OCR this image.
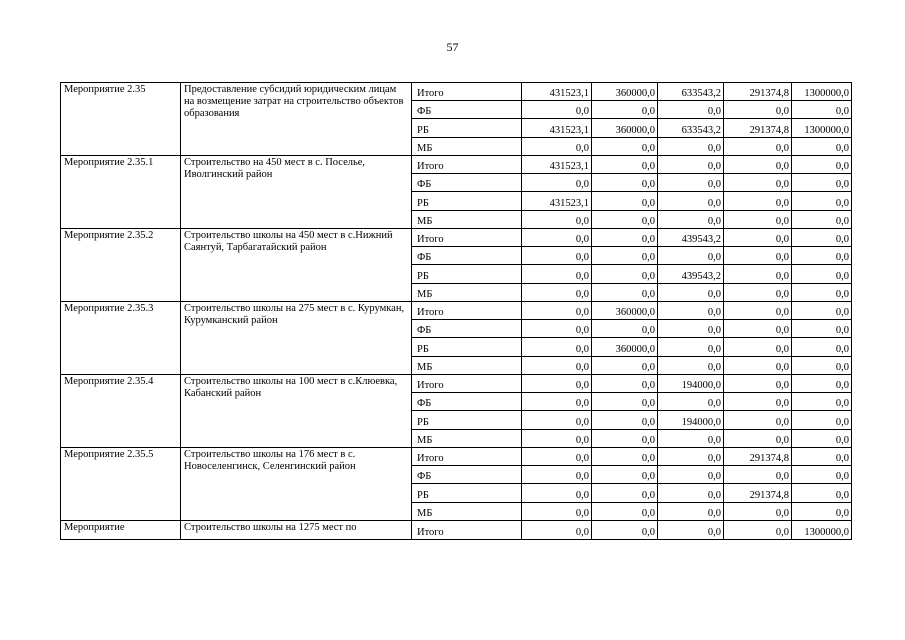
57
Мероприятие 2.35	Предоставление субсидий юридическим лицам на возмещение затрат на строительство объектов образования	Итого	431523,1	360000,0	633543,2	291374,8	1300000,0
		ФБ	0,0	0,0	0,0	0,0	0,0
		РБ	431523,1	360000,0	633543,2	291374,8	1300000,0
		МБ	0,0	0,0	0,0	0,0	0,0
Мероприятие 2.35.1	Строительство на 450 мест в с. Поселье, Иволгинский район	Итого	431523,1	0,0	0,0	0,0	0,0
		ФБ	0,0	0,0	0,0	0,0	0,0
		РБ	431523,1	0,0	0,0	0,0	0,0
		МБ	0,0	0,0	0,0	0,0	0,0
Мероприятие 2.35.2	Строительство школы на 450 мест в с.Нижний Саянтуй, Тарбагатайский район	Итого	0,0	0,0	439543,2	0,0	0,0
		ФБ	0,0	0,0	0,0	0,0	0,0
		РБ	0,0	0,0	439543,2	0,0	0,0
		МБ	0,0	0,0	0,0	0,0	0,0
Мероприятие 2.35.3	Строительство школы на 275 мест в с. Курумкан, Курумканский район	Итого	0,0	360000,0	0,0	0,0	0,0
		ФБ	0,0	0,0	0,0	0,0	0,0
		РБ	0,0	360000,0	0,0	0,0	0,0
		МБ	0,0	0,0	0,0	0,0	0,0
Мероприятие 2.35.4	Строительство школы на 100 мест в с.Клюевка, Кабанский район	Итого	0,0	0,0	194000,0	0,0	0,0
		ФБ	0,0	0,0	0,0	0,0	0,0
		РБ	0,0	0,0	194000,0	0,0	0,0
		МБ	0,0	0,0	0,0	0,0	0,0
Мероприятие 2.35.5	Строительство школы на 176 мест в с. Новоселенгинск, Селенгинский район	Итого	0,0	0,0	0,0	291374,8	0,0
		ФБ	0,0	0,0	0,0	0,0	0,0
		РБ	0,0	0,0	0,0	291374,8	0,0
		МБ	0,0	0,0	0,0	0,0	0,0
Мероприятие	Строительство школы на 1275 мест по	Итого	0,0	0,0	0,0	0,0	1300000,0
